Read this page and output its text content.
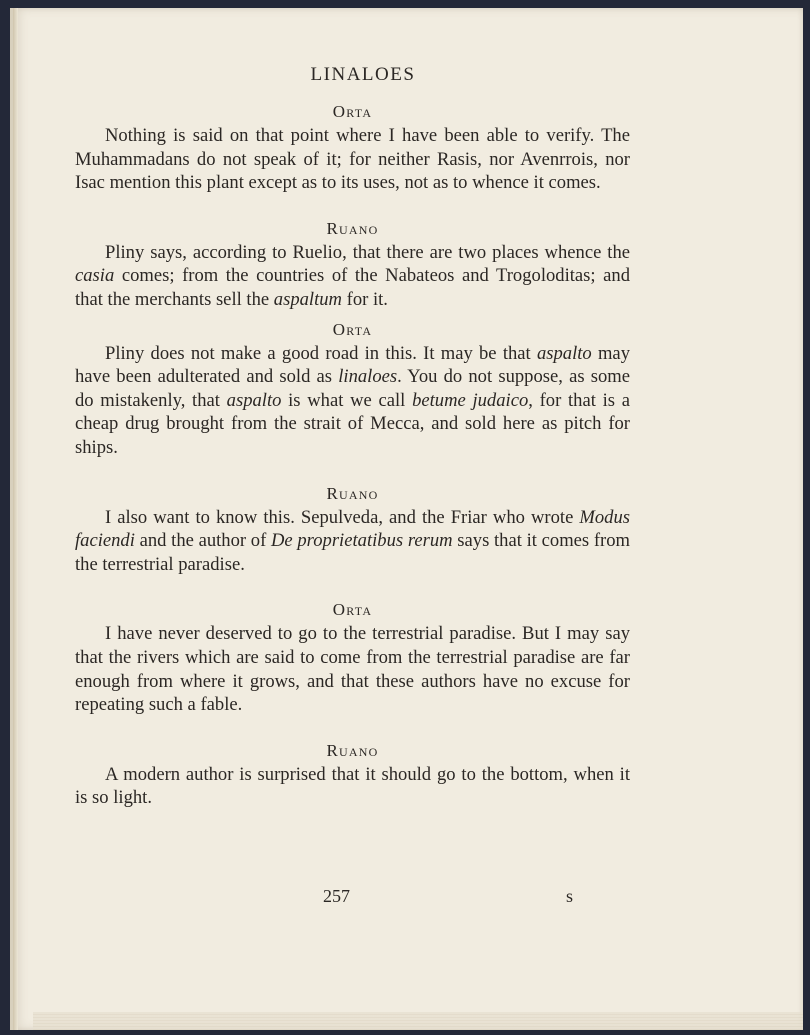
LINALOES

Orta

Nothing is said on that point where I have been able to verify. The Muhammadans do not speak of it; for neither Rasis, nor Avenrrois, nor Isac mention this plant except as to its uses, not as to whence it comes.

Ruano

Pliny says, according to Ruelio, that there are two places whence the casia comes; from the countries of the Nabateos and Trogoloditas; and that the merchants sell the aspaltum for it.

Orta

Pliny does not make a good road in this. It may be that aspalto may have been adulterated and sold as linaloes. You do not suppose, as some do mistakenly, that aspalto is what we call betume judaico, for that is a cheap drug brought from the strait of Mecca, and sold here as pitch for ships.

Ruano

I also want to know this. Sepulveda, and the Friar who wrote Modus faciendi and the author of De proprietatibus rerum says that it comes from the terrestrial paradise.

Orta

I have never deserved to go to the terrestrial paradise. But I may say that the rivers which are said to come from the terrestrial paradise are far enough from where it grows, and that these authors have no excuse for repeating such a fable.

Ruano

A modern author is surprised that it should go to the bottom, when it is so light.

257	s
